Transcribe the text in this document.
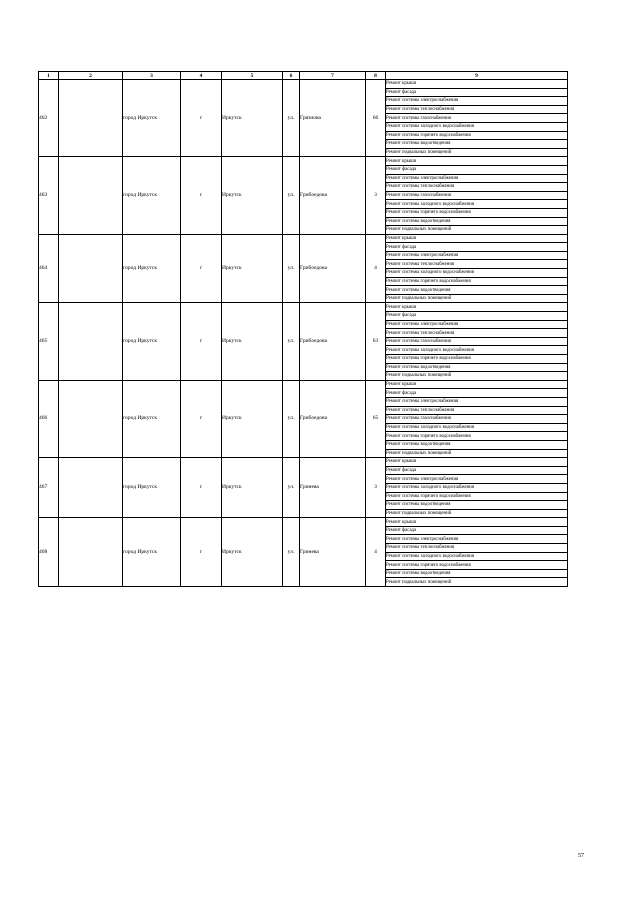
1	2	3	4	5	6	7	8	9
462		город Иркутск	г	Иркутск	ул.	Грязнова	66	Ремонт крыши
								Ремонт фасада
								Ремонт системы электроснабжения
								Ремонт системы теплоснабжения
								Ремонт системы газоснабжения
								Ремонт системы холодного водоснабжения
								Ремонт системы горячего водоснабжения
								Ремонт системы водоотведения
								Ремонт подвальных помещений
463		город Иркутск	г	Иркутск	ул.	Грибоедова	3	Ремонт крыши
								Ремонт фасада
								Ремонт системы электроснабжения
								Ремонт системы теплоснабжения
								Ремонт системы газоснабжения
								Ремонт системы холодного водоснабжения
								Ремонт системы горячего водоснабжения
								Ремонт системы водоотведения
								Ремонт подвальных помещений
464		город Иркутск	г	Иркутск	ул.	Грибоедова	4	Ремонт крыши
								Ремонт фасада
								Ремонт системы электроснабжения
								Ремонт системы теплоснабжения
								Ремонт системы холодного водоснабжения
								Ремонт системы горячего водоснабжения
								Ремонт системы водоотведения
								Ремонт подвальных помещений
465		город Иркутск	г	Иркутск	ул.	Грибоедова	63	Ремонт крыши
								Ремонт фасада
								Ремонт системы электроснабжения
								Ремонт системы теплоснабжения
								Ремонт системы газоснабжения
								Ремонт системы холодного водоснабжения
								Ремонт системы горячего водоснабжения
								Ремонт системы водоотведения
								Ремонт подвальных помещений
466		город Иркутск	г	Иркутск	ул.	Грибоедова	65	Ремонт крыши
								Ремонт фасада
								Ремонт системы электроснабжения
								Ремонт системы теплоснабжения
								Ремонт системы газоснабжения
								Ремонт системы холодного водоснабжения
								Ремонт системы горячего водоснабжения
								Ремонт системы водоотведения
								Ремонт подвальных помещений
467		город Иркутск	г	Иркутск	ул.	Гринева	3	Ремонт крыши
								Ремонт фасада
								Ремонт системы электроснабжения
								Ремонт системы холодного водоснабжения
								Ремонт системы горячего водоснабжения
								Ремонт системы водоотведения
								Ремонт подвальных помещений
468		город Иркутск	г	Иркутск	ул.	Гринева	4	Ремонт крыши
								Ремонт фасада
								Ремонт системы электроснабжения
								Ремонт системы теплоснабжения
								Ремонт системы холодного водоснабжения
								Ремонт системы горячего водоснабжения
								Ремонт системы водоотведения
								Ремонт подвальных помещений
57
